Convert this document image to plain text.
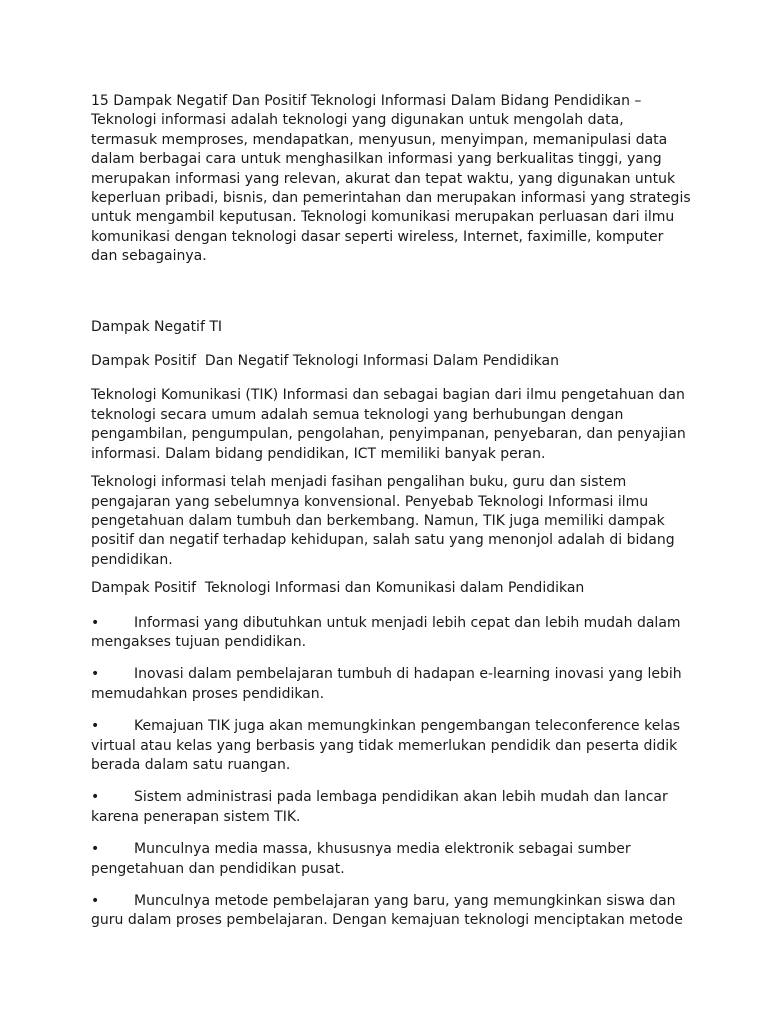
15 Dampak Negatif Dan Positif Teknologi Informasi Dalam Bidang Pendidikan – Teknologi informasi adalah teknologi yang digunakan untuk mengolah data, termasuk memproses, mendapatkan, menyusun, menyimpan, memanipulasi data dalam berbagai cara untuk menghasilkan informasi yang berkualitas tinggi, yang merupakan informasi yang relevan, akurat dan tepat waktu, yang digunakan untuk keperluan pribadi, bisnis, dan pemerintahan dan merupakan informasi yang strategis untuk mengambil keputusan. Teknologi komunikasi merupakan perluasan dari ilmu komunikasi dengan teknologi dasar seperti wireless, Internet, faximille, komputer dan sebagainya.

Dampak Negatif TI

Dampak Positif  Dan Negatif Teknologi Informasi Dalam Pendidikan

Teknologi Komunikasi (TIK) Informasi dan sebagai bagian dari ilmu pengetahuan dan teknologi secara umum adalah semua teknologi yang berhubungan dengan pengambilan, pengumpulan, pengolahan, penyimpanan, penyebaran, dan penyajian informasi. Dalam bidang pendidikan, ICT memiliki banyak peran.

Teknologi informasi telah menjadi fasihan pengalihan buku, guru dan sistem pengajaran yang sebelumnya konvensional. Penyebab Teknologi Informasi ilmu pengetahuan dalam tumbuh dan berkembang. Namun, TIK juga memiliki dampak positif dan negatif terhadap kehidupan, salah satu yang menonjol adalah di bidang pendidikan.

Dampak Positif  Teknologi Informasi dan Komunikasi dalam Pendidikan

• Informasi yang dibutuhkan untuk menjadi lebih cepat dan lebih mudah dalam mengakses tujuan pendidikan.
• Inovasi dalam pembelajaran tumbuh di hadapan e-learning inovasi yang lebih memudahkan proses pendidikan.
• Kemajuan TIK juga akan memungkinkan pengembangan teleconference kelas virtual atau kelas yang berbasis yang tidak memerlukan pendidik dan peserta didik berada dalam satu ruangan.
• Sistem administrasi pada lembaga pendidikan akan lebih mudah dan lancar karena penerapan sistem TIK.
• Munculnya media massa, khususnya media elektronik sebagai sumber pengetahuan dan pendidikan pusat.
• Munculnya metode pembelajaran yang baru, yang memungkinkan siswa dan guru dalam proses pembelajaran. Dengan kemajuan teknologi menciptakan metode
